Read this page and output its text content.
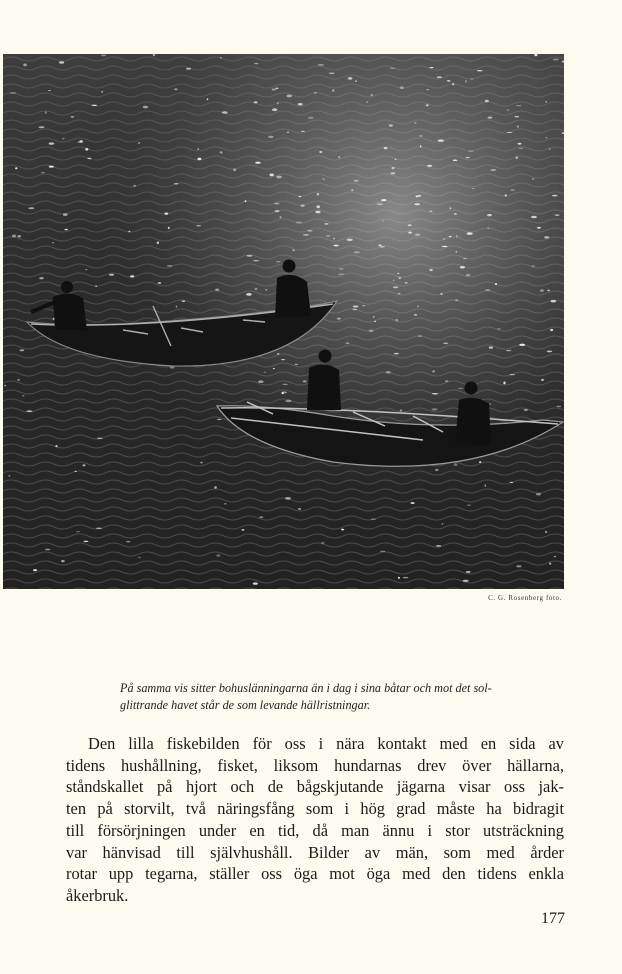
C. G. Rosenberg foto.
På samma vis sitter bohuslänningarna än i dag i sina båtar och mot det sol-
glittrande havet står de som levande hällristningar.
Den lilla fiskebilden för oss i nära kontakt med en sida av
tidens hushållning, fisket, liksom hundarnas drev över hällarna,
ståndskallet på hjort och de bågskjutande jägarna visar oss jak-
ten på storvilt, två näringsfång som i hög grad måste ha bidragit
till försörjningen under en tid, då man ännu i stor utsträckning
var hänvisad till självhushåll. Bilder av män, som med årder
rotar upp tegarna, ställer oss öga mot öga med den tidens enkla
åkerbruk.
177
